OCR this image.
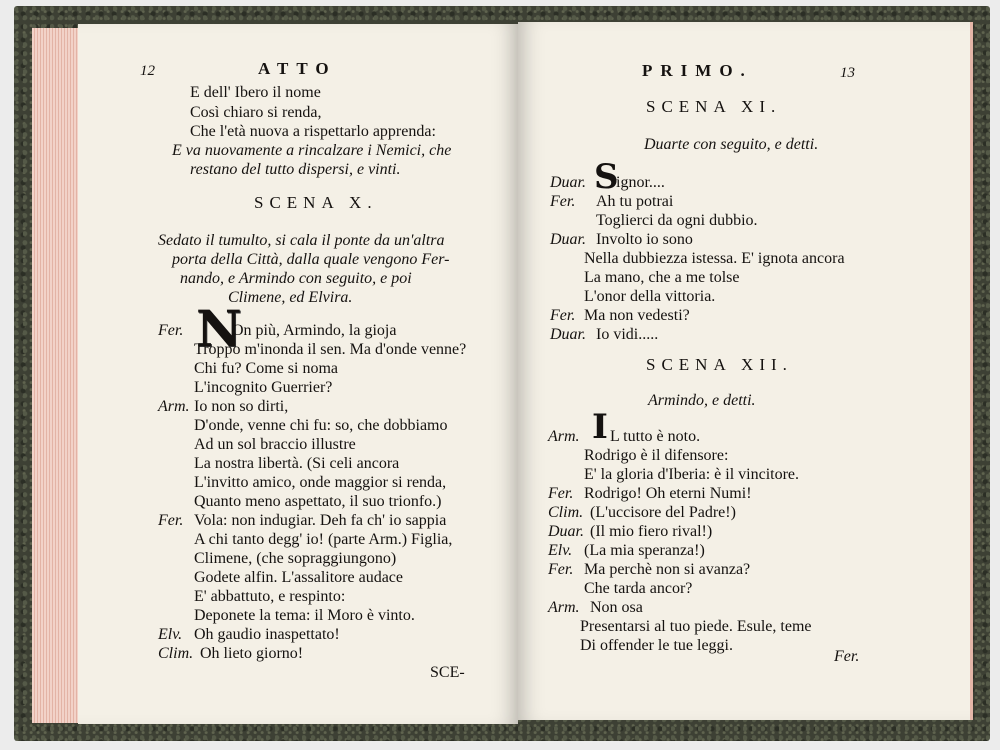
12	ATTO
E dell' Ibero il nome
Così chiaro si renda,
Che l'età nuova a rispettarlo apprenda:
E va nuovamente a rincalzare i Nemici, che
restano del tutto dispersi, e vinti.
SCENA X.
Sedato il tumulto, si cala il ponte da un'altra
porta della Città, dalla quale vengono Fer-
nando, e Armindo con seguito, e poi
Climene, ed Elvira.
N
Fer.	On più, Armindo, la gioja
Troppo m'inonda il sen. Ma d'onde venne?
Chi fu? Come si noma
L'incognito Guerrier?
Arm. Io non so dirti,
D'onde, venne chi fu: so, che dobbiamo
Ad un sol braccio illustre
La nostra libertà. (Si celi ancora
L'invitto amico, onde maggior si renda,
Quanto meno aspettato, il suo trionfo.)
Fer. Vola: non indugiar. Deh fa ch' io sappia
A chi tanto degg' io! (parte Arm.) Figlia,
Climene, (che sopraggiungono)
Godete alfin. L'assalitore audace
E' abbattuto, e respinto:
Deponete la tema: il Moro è vinto.
Elv. Oh gaudio inaspettato!
Clim. Oh lieto giorno!
SCE-
PRIMO.	13
SCENA XI.
Duarte con seguito, e detti.
Duar. S
ignor....
Fer. Ah tu potrai
Toglierci da ogni dubbio.
Duar. Involto io sono
Nella dubbiezza istessa. E' ignota ancora
La mano, che a me tolse
L'onor della vittoria.
Fer. Ma non vedesti?
Duar. Io vidi.....
SCENA XII.
Armindo, e detti.
I
Arm. L tutto è noto.
Rodrigo è il difensore:
E' la gloria d'Iberia: è il vincitore.
Fer. Rodrigo! Oh eterni Numi!
Clim. (L'uccisore del Padre!)
Duar. (Il mio fiero rival!)
Elv. (La mia speranza!)
Fer. Ma perchè non si avanza?
Che tarda ancor?
Arm. Non osa
Presentarsi al tuo piede. Esule, teme
Di offender le tue leggi.
Fer.
